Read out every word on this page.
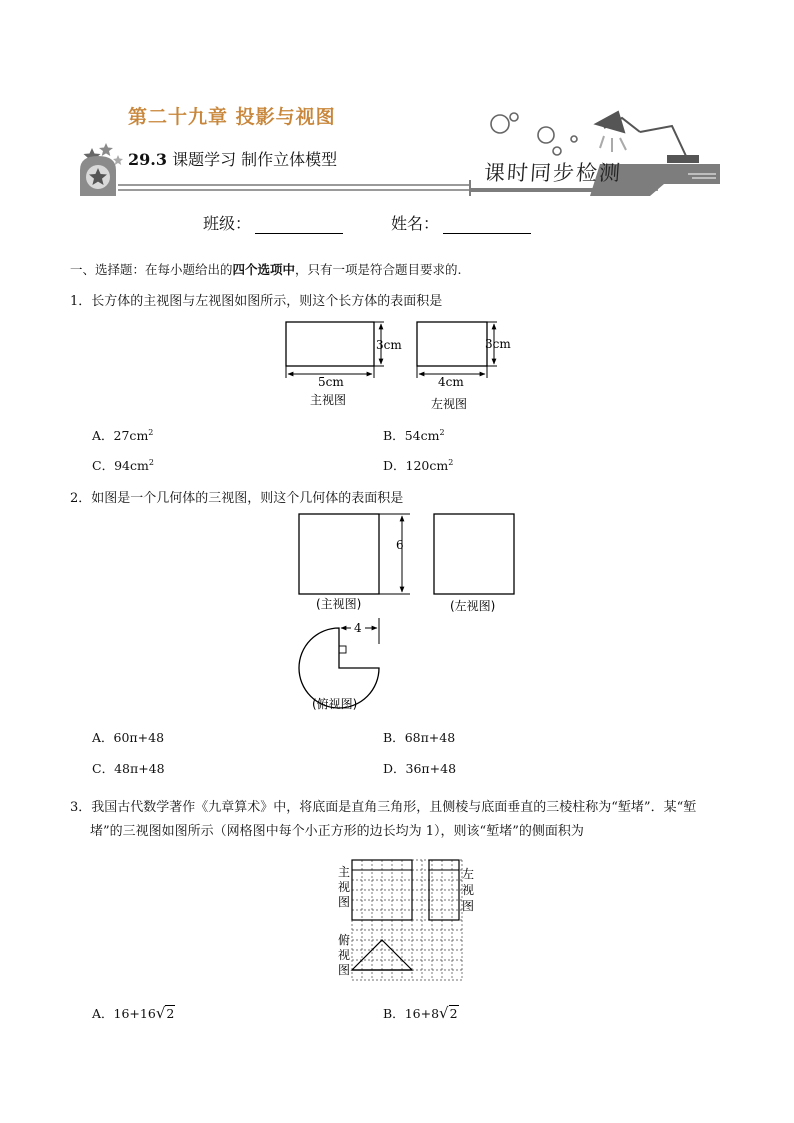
第二十九章 投影与视图
29.3 课题学习 制作立体模型
课时同步检测
班级：	姓名：
一、选择题：在每小题给出的四个选项中，只有一项是符合题目要求的.
1．长方体的主视图与左视图如图所示，则这个长方体的表面积是
3cm
5cm
主视图
3cm
4cm
左视图
A．$27cm^2$	B．$54cm^2$
C．$94cm^2$	D．$120cm^2$
2．如图是一个几何体的三视图，则这个几何体的表面积是
6
(主视图)	(左视图)
4
(俯视图)
A．60π+48	B．68π+48
C．48π+48	D．36π+48
3．我国古代数学著作《九章算术》中，将底面是直角三角形，且侧棱与底面垂直的三棱柱称为“堑堵”．某“堑
堵”的三视图如图所示（网格图中每个小正方形的边长均为 1），则该“堑堵”的侧面积为
主
视
图
左
视
图
俯
视
图
A．16+16√2	B．16+8√2
